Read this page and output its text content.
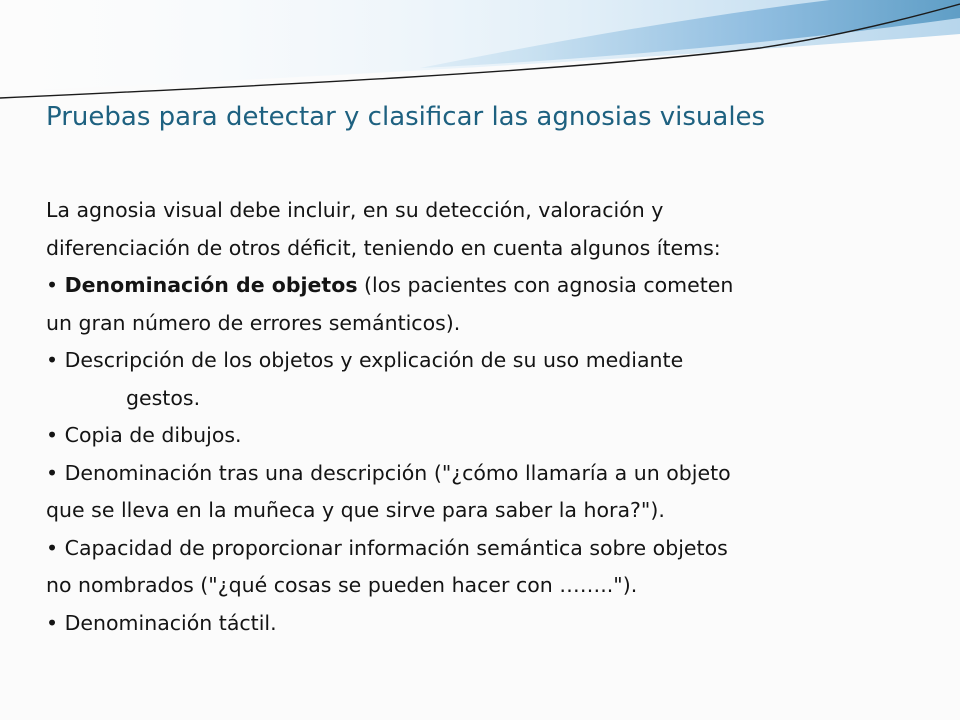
Pruebas para detectar y clasificar las agnosias visuales
La agnosia visual debe incluir, en su detección, valoración y
diferenciación de otros déficit, teniendo en cuenta algunos ítems:
• Denominación de objetos (los pacientes con agnosia cometen
un gran número de errores semánticos).
• Descripción de los objetos y explicación de su uso mediante
gestos.
• Copia de dibujos.
• Denominación tras una descripción ("¿cómo llamaría a un objeto
que se lleva en la muñeca y que sirve para saber la hora?").
• Capacidad de proporcionar información semántica sobre objetos
no nombrados ("¿qué cosas se pueden hacer con ……..").
• Denominación táctil.
